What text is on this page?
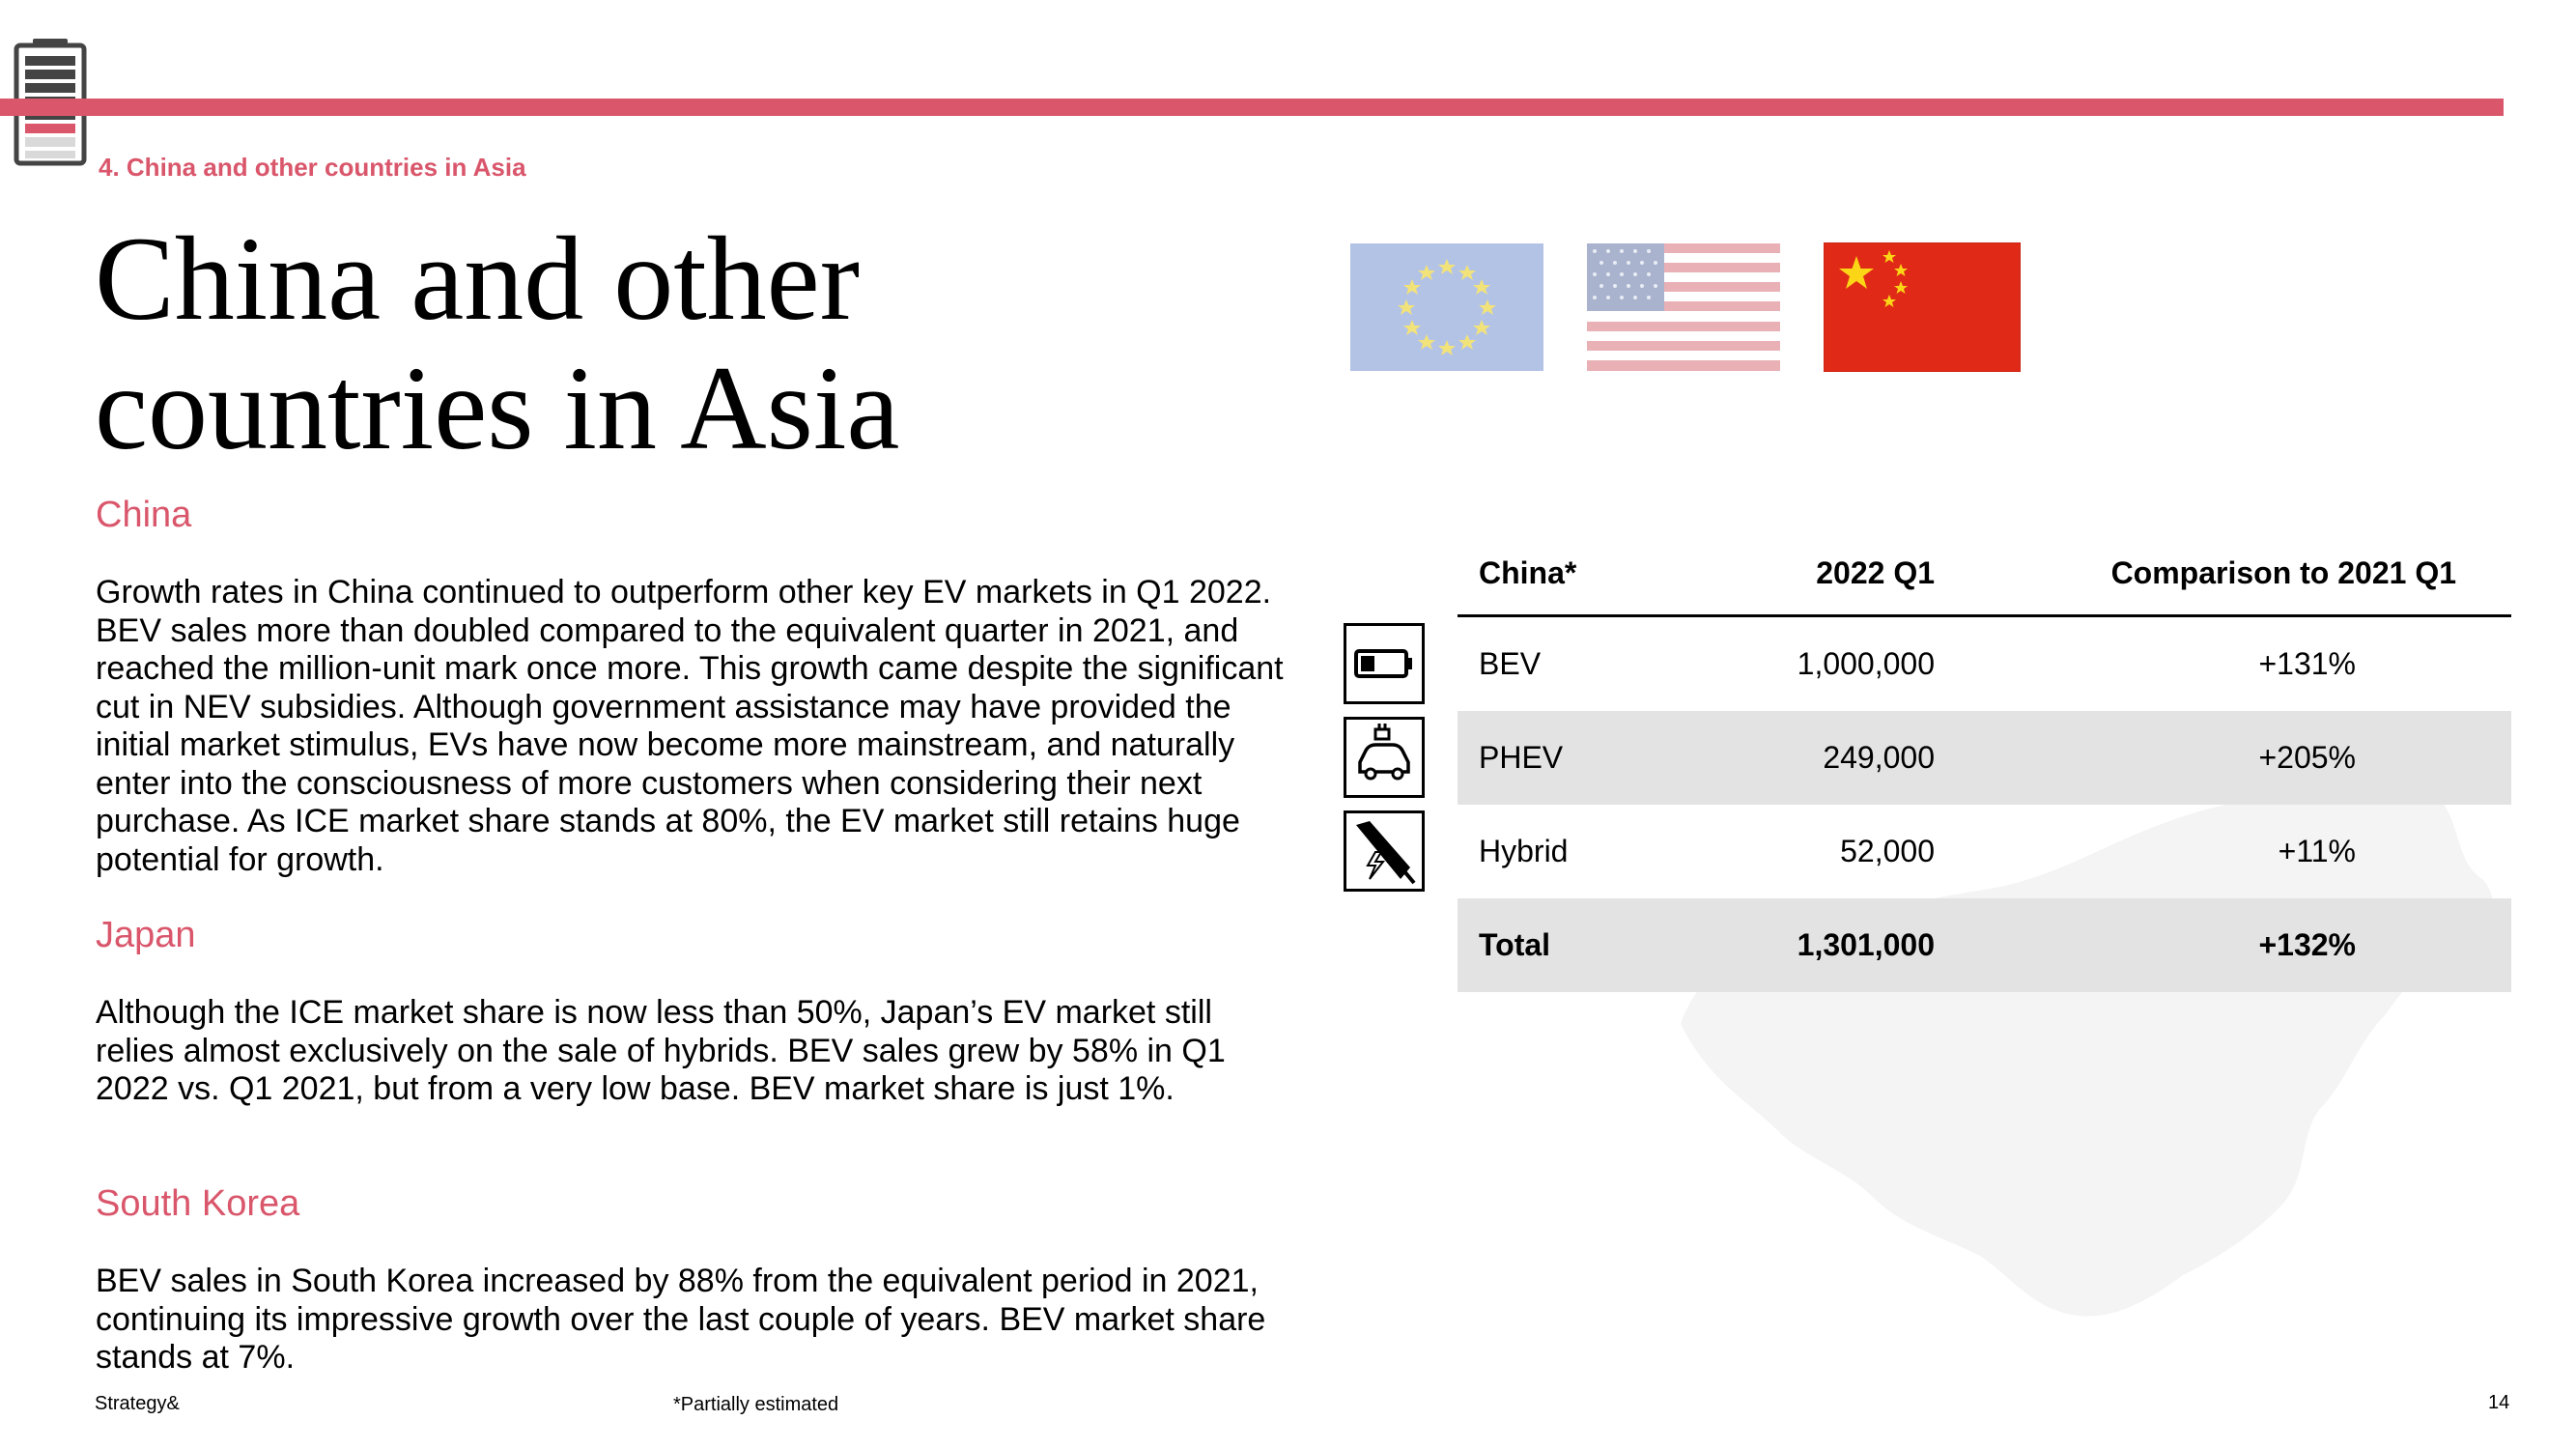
4. China and other countries in Asia
China and other
countries in Asia
China
Growth rates in China continued to outperform other key EV markets in Q1 2022. BEV sales more than doubled compared to the equivalent quarter in 2021, and reached the million-unit mark once more. This growth came despite the significant cut in NEV subsidies. Although government assistance may have provided the initial market stimulus, EVs have now become more mainstream, and naturally enter into the consciousness of more customers when considering their next purchase. As ICE market share stands at 80%, the EV market still retains huge potential for growth.
Japan
Although the ICE market share is now less than 50%, Japan’s EV market still relies almost exclusively on the sale of hybrids. BEV sales grew by 58% in Q1 2022 vs. Q1 2021, but from a very low base. BEV market share is just 1%.
South Korea
BEV sales in South Korea increased by 88% from the equivalent period in 2021, continuing its impressive growth over the last couple of years. BEV market share stands at 7%.
China*	2022 Q1	Comparison to 2021 Q1
BEV	1,000,000	+131%
PHEV	249,000	+205%
Hybrid	52,000	+11%
Total	1,301,000	+132%
Strategy&	*Partially estimated	14
